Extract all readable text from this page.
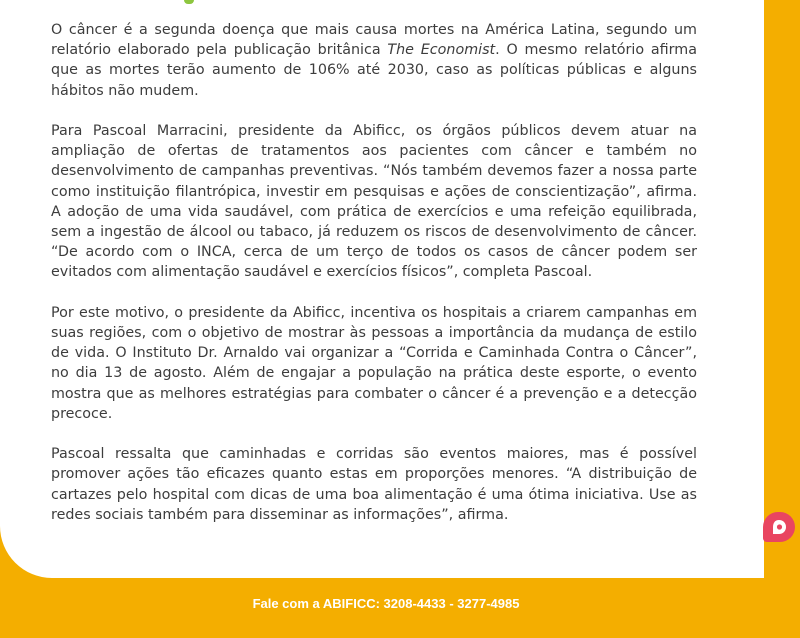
O câncer é a segunda doença que mais causa mortes na América Latina, segundo um relatório elaborado pela publicação britânica The Economist. O mesmo relatório afirma que as mortes terão aumento de 106% até 2030, caso as políticas públicas e alguns hábitos não mudem.

Para Pascoal Marracini, presidente da Abificc, os órgãos públicos devem atuar na ampliação de ofertas de tratamentos aos pacientes com câncer e também no desenvolvimento de campanhas preventivas. “Nós também devemos fazer a nossa parte como instituição filantrópica, investir em pesquisas e ações de conscientização”, afirma. A adoção de uma vida saudável, com prática de exercícios e uma refeição equilibrada, sem a ingestão de álcool ou tabaco, já reduzem os riscos de desenvolvimento de câncer. “De acordo com o INCA, cerca de um terço de todos os casos de câncer podem ser evitados com alimentação saudável e exercícios físicos”, completa Pascoal.

Por este motivo, o presidente da Abificc, incentiva os hospitais a criarem campanhas em suas regiões, com o objetivo de mostrar às pessoas a importância da mudança de estilo de vida. O Instituto Dr. Arnaldo vai organizar a “Corrida e Caminhada Contra o Câncer”, no dia 13 de agosto. Além de engajar a população na prática deste esporte, o evento mostra que as melhores estratégias para combater o câncer é a prevenção e a detecção precoce.

Pascoal ressalta que caminhadas e corridas são eventos maiores, mas é possível promover ações tão eficazes quanto estas em proporções menores. “A distribuição de cartazes pelo hospital com dicas de uma boa alimentação é uma ótima iniciativa. Use as redes sociais também para disseminar as informações”, afirma.

Fale com a ABIFICC: 3208-4433 - 3277-4985
